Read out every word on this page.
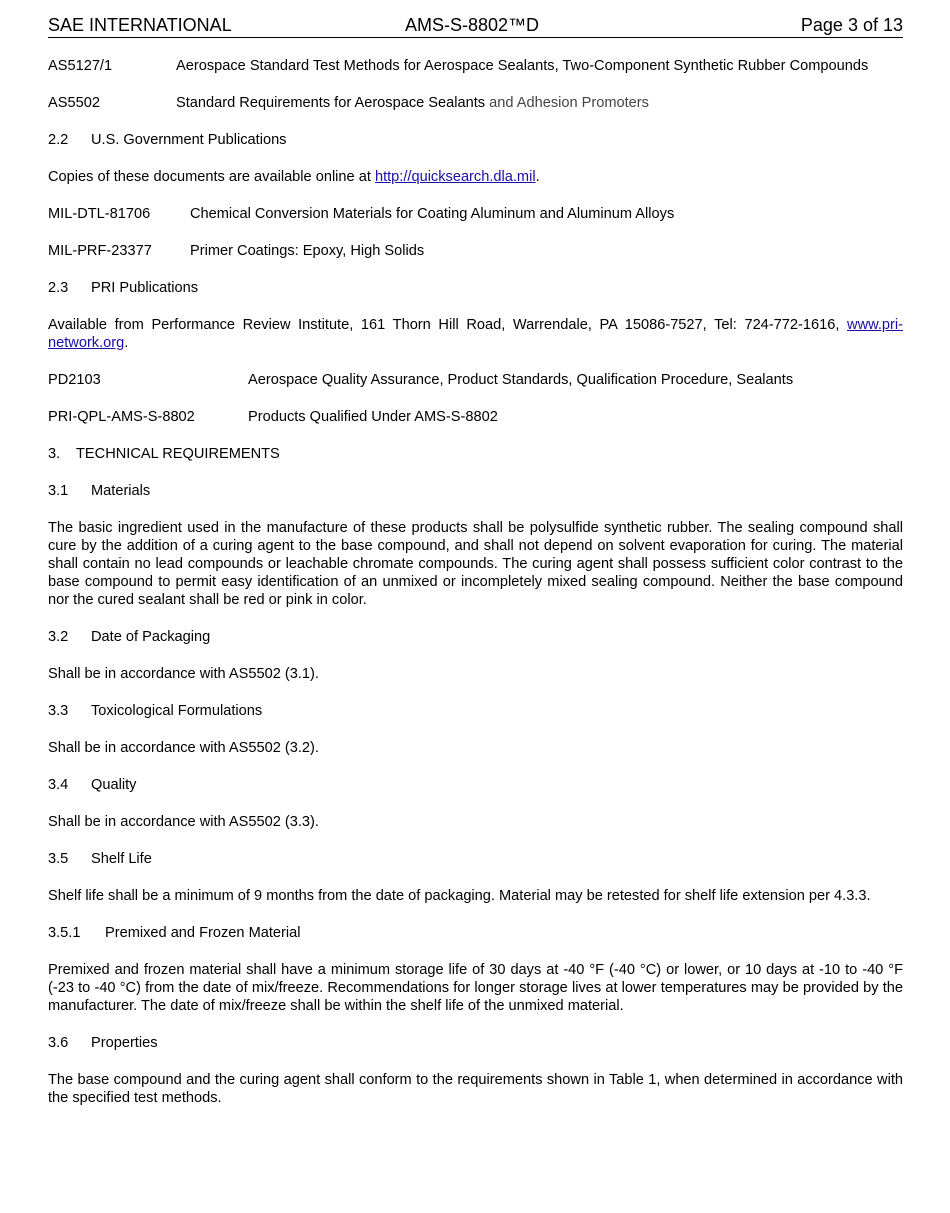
SAE INTERNATIONAL	AMS-S-8802™D	Page 3 of 13
AS5127/1	Aerospace Standard Test Methods for Aerospace Sealants, Two-Component Synthetic Rubber Compounds
AS5502	Standard Requirements for Aerospace Sealants and Adhesion Promoters
2.2 U.S. Government Publications

Copies of these documents are available online at http://quicksearch.dla.mil.

MIL-DTL-81706	Chemical Conversion Materials for Coating Aluminum and Aluminum Alloys
MIL-PRF-23377	Primer Coatings: Epoxy, High Solids
2.3 PRI Publications

Available from Performance Review Institute, 161 Thorn Hill Road, Warrendale, PA 15086-7527, Tel: 724-772-1616, www.pri-network.org.

PD2103	Aerospace Quality Assurance, Product Standards, Qualification Procedure, Sealants
PRI-QPL-AMS-S-8802	Products Qualified Under AMS-S-8802
3. TECHNICAL REQUIREMENTS
3.1 Materials

The basic ingredient used in the manufacture of these products shall be polysulfide synthetic rubber. The sealing compound shall cure by the addition of a curing agent to the base compound, and shall not depend on solvent evaporation for curing. The material shall contain no lead compounds or leachable chromate compounds. The curing agent shall possess sufficient color contrast to the base compound to permit easy identification of an unmixed or incompletely mixed sealing compound. Neither the base compound nor the cured sealant shall be red or pink in color.

3.2 Date of Packaging

Shall be in accordance with AS5502 (3.1).

3.3 Toxicological Formulations

Shall be in accordance with AS5502 (3.2).

3.4 Quality

Shall be in accordance with AS5502 (3.3).

3.5 Shelf Life

Shelf life shall be a minimum of 9 months from the date of packaging. Material may be retested for shelf life extension per 4.3.3.

3.5.1 Premixed and Frozen Material

Premixed and frozen material shall have a minimum storage life of 30 days at -40 °F (-40 °C) or lower, or 10 days at -10 to -40 °F (-23 to -40 °C) from the date of mix/freeze. Recommendations for longer storage lives at lower temperatures may be provided by the manufacturer. The date of mix/freeze shall be within the shelf life of the unmixed material.

3.6 Properties

The base compound and the curing agent shall conform to the requirements shown in Table 1, when determined in accordance with the specified test methods.
